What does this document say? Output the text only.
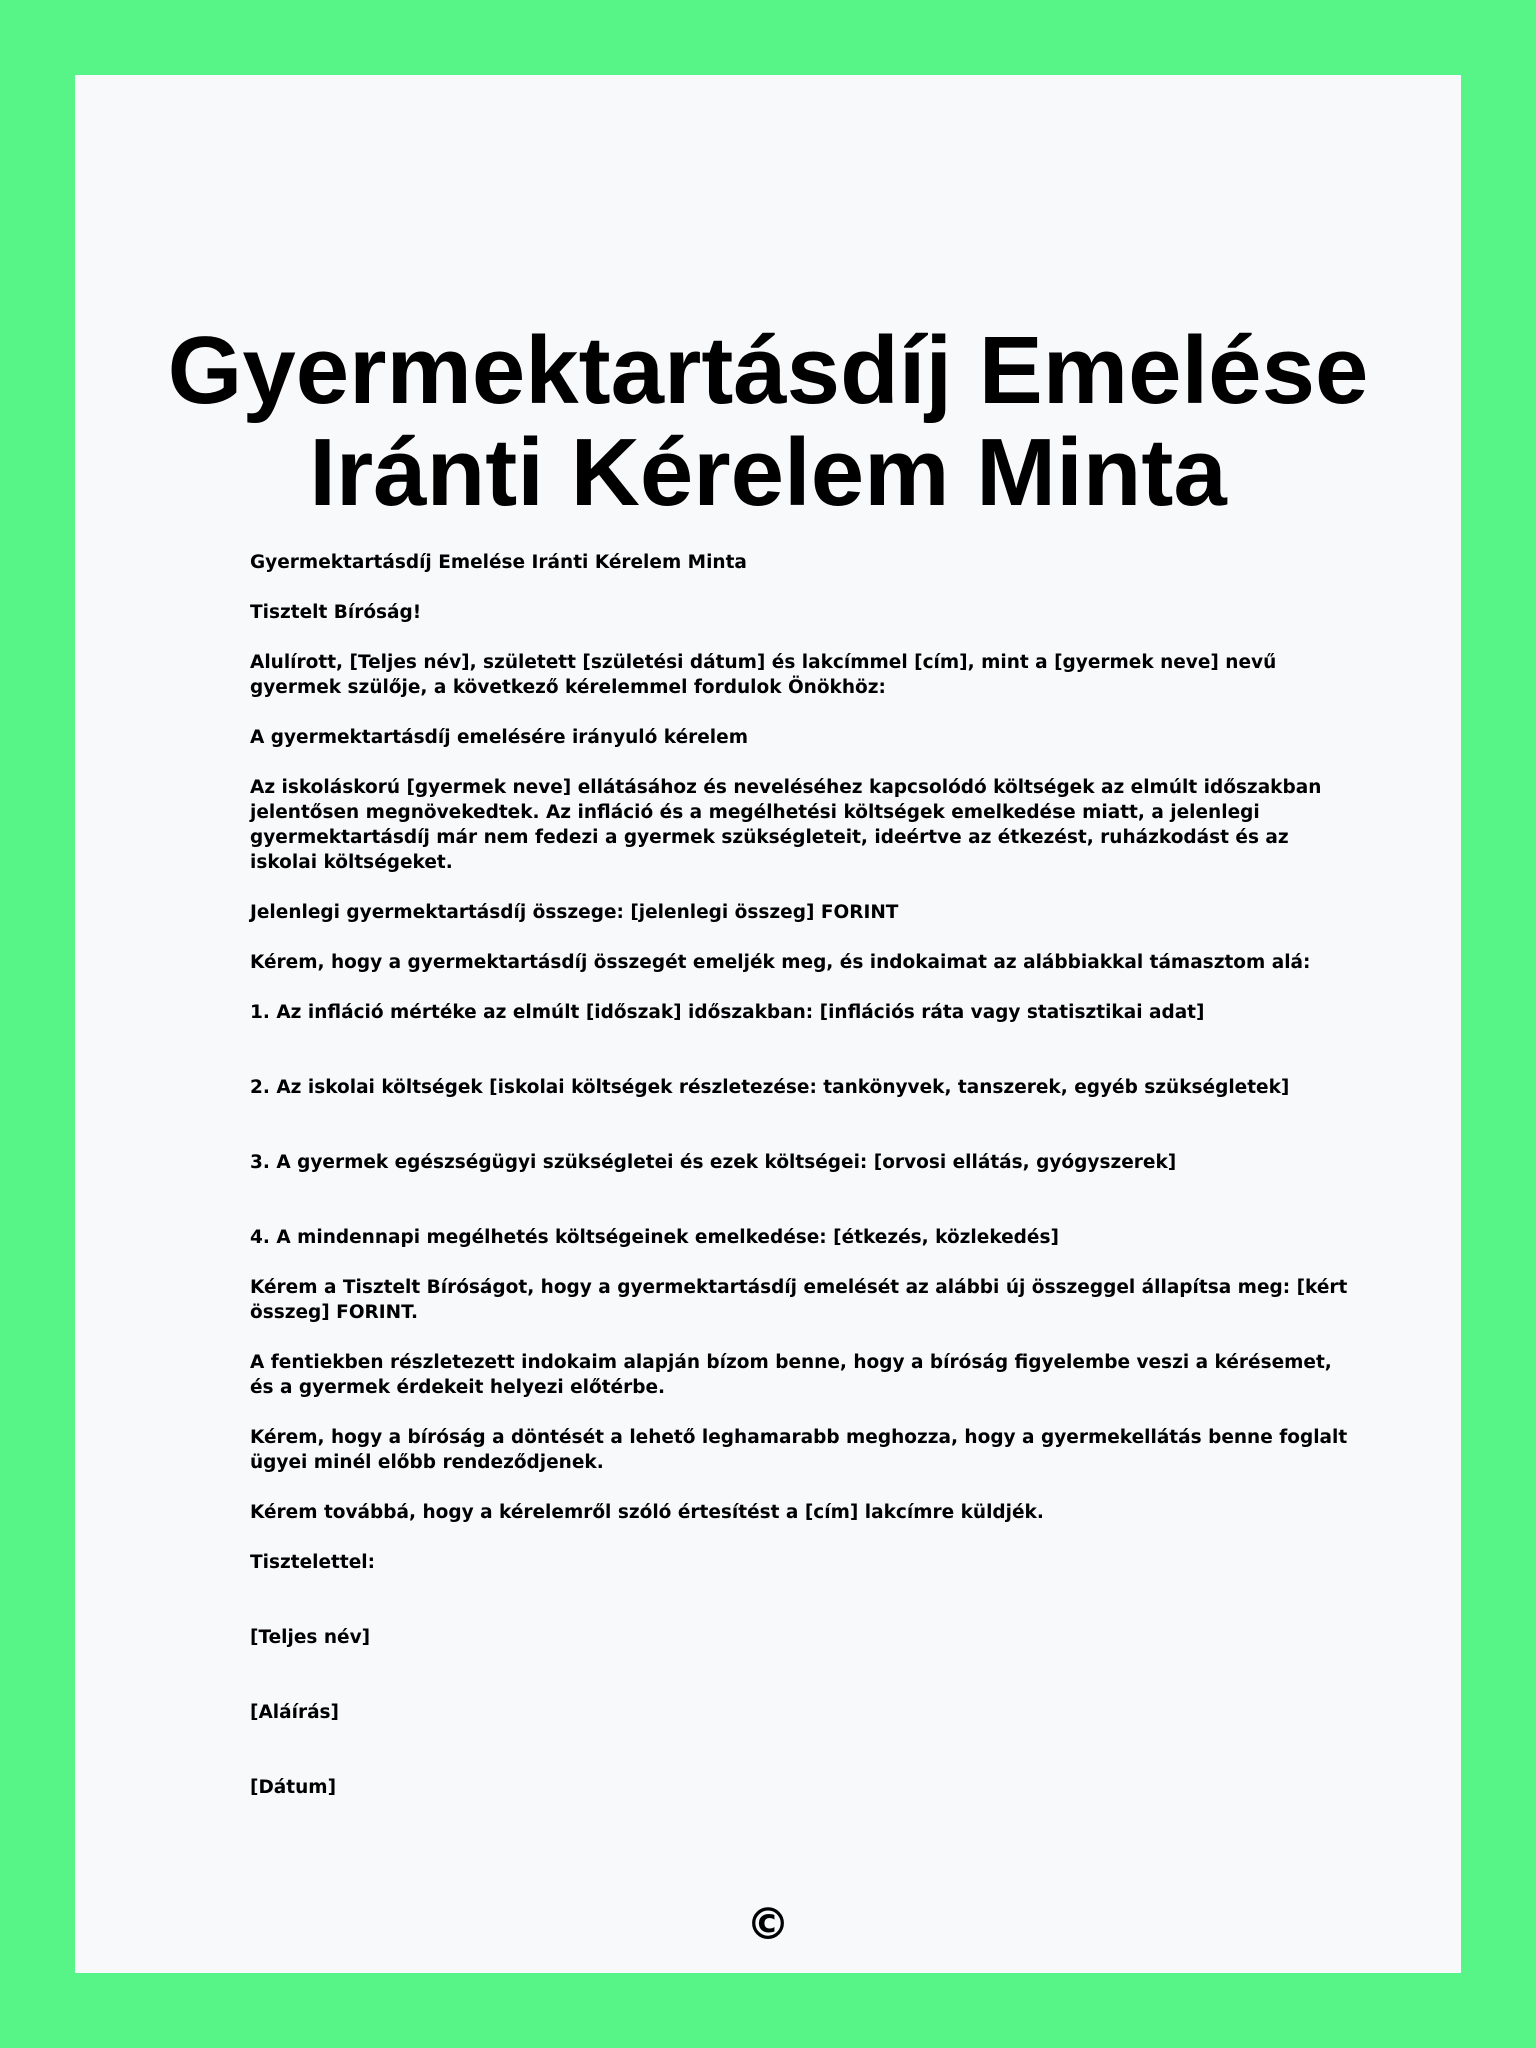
Gyermektartásdíj Emelése Iránti Kérelem Minta

Gyermektartásdíj Emelése Iránti Kérelem Minta

Tisztelt Bíróság!

Alulírott, [Teljes név], született [születési dátum] és lakcímmel [cím], mint a [gyermek neve] nevű gyermek szülője, a következő kérelemmel fordulok Önökhöz:

A gyermektartásdíj emelésére irányuló kérelem

Az iskoláskorú [gyermek neve] ellátásához és neveléséhez kapcsolódó költségek az elmúlt időszakban jelentősen megnövekedtek. Az infláció és a megélhetési költségek emelkedése miatt, a jelenlegi gyermektartásdíj már nem fedezi a gyermek szükségleteit, ideértve az étkezést, ruházkodást és az iskolai költségeket.

Jelenlegi gyermektartásdíj összege: [jelenlegi összeg] FORINT

Kérem, hogy a gyermektartásdíj összegét emeljék meg, és indokaimat az alábbiakkal támasztom alá:

1. Az infláció mértéke az elmúlt [időszak] időszakban: [inflációs ráta vagy statisztikai adat]

2. Az iskolai költségek [iskolai költségek részletezése: tankönyvek, tanszerek, egyéb szükségletek]

3. A gyermek egészségügyi szükségletei és ezek költségei: [orvosi ellátás, gyógyszerek]

4. A mindennapi megélhetés költségeinek emelkedése: [étkezés, közlekedés]

Kérem a Tisztelt Bíróságot, hogy a gyermektartásdíj emelését az alábbi új összeggel állapítsa meg: [kért összeg] FORINT.

A fentiekben részletezett indokaim alapján bízom benne, hogy a bíróság figyelembe veszi a kérésemet, és a gyermek érdekeit helyezi előtérbe.

Kérem, hogy a bíróság a döntését a lehető leghamarabb meghozza, hogy a gyermekellátás benne foglalt ügyei minél előbb rendeződjenek.

Kérem továbbá, hogy a kérelemről szóló értesítést a [cím] lakcímre küldjék.

Tisztelettel:

[Teljes név]

[Aláírás]

[Dátum]

©
